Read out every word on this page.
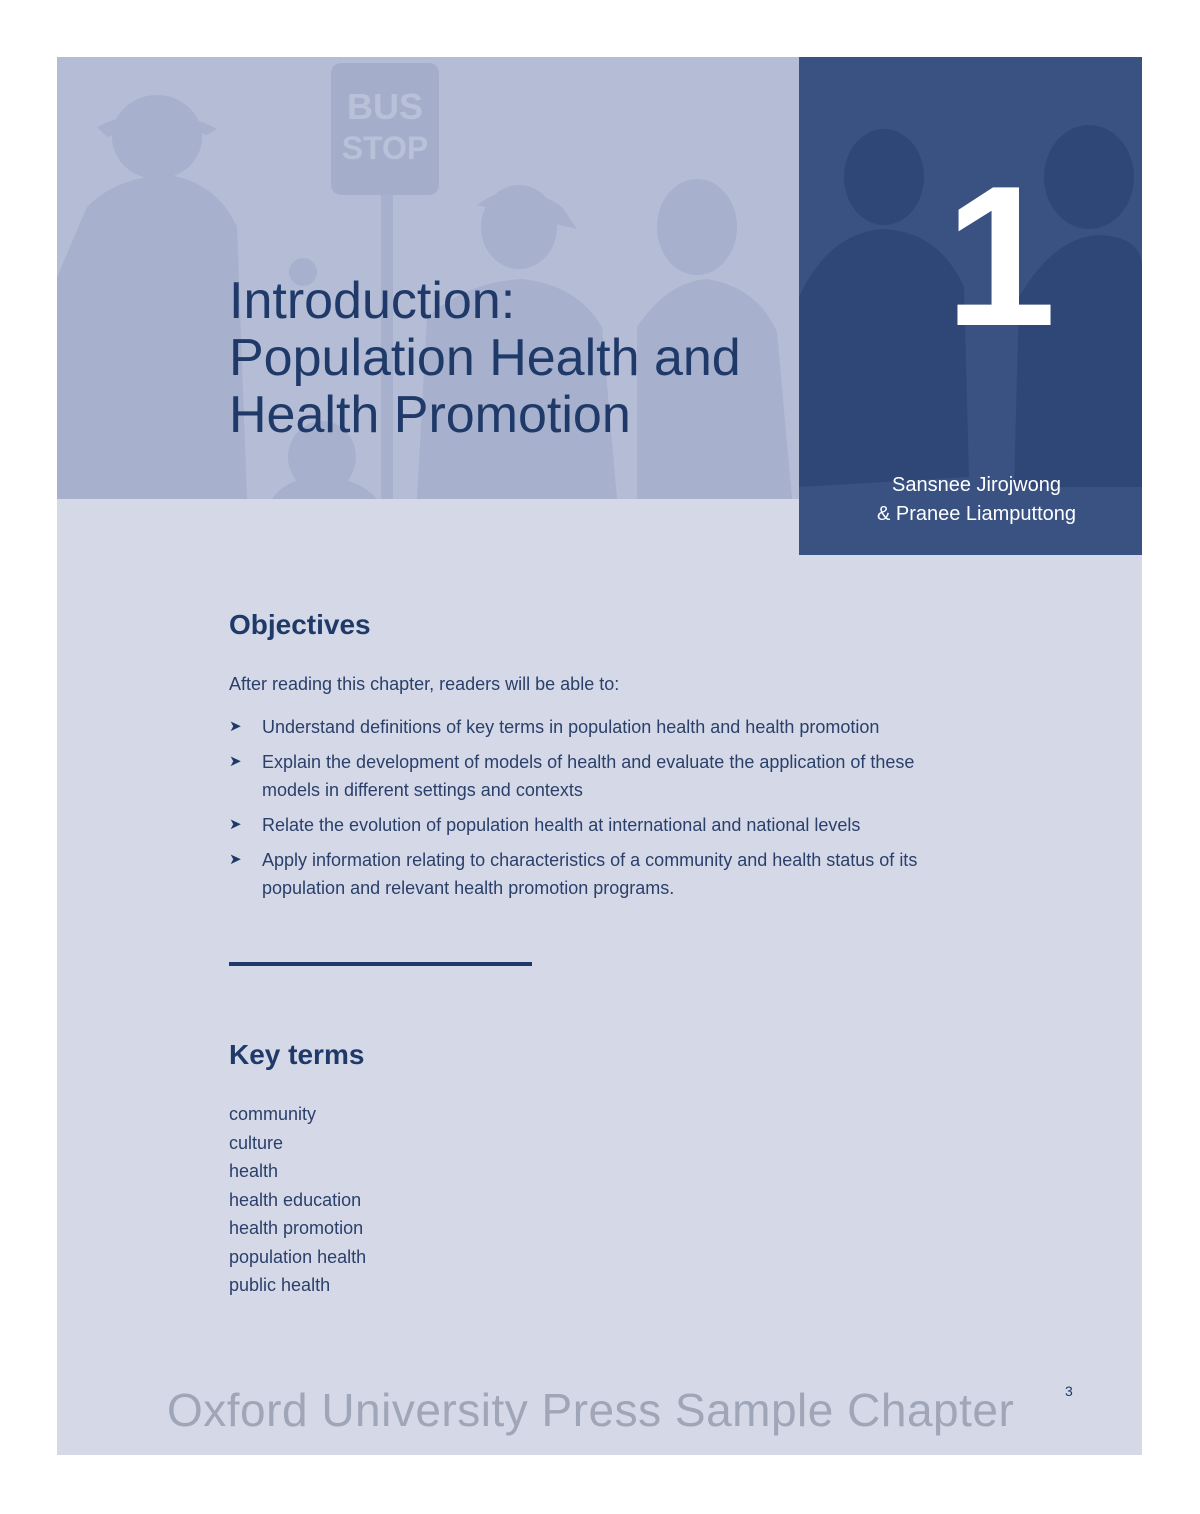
BUS
STOP	1
Sansnee Jirojwong
& Pranee Liamputtong
Introduction:
Population Health and
Health Promotion
Objectives
After reading this chapter, readers will be able to:
➤ Understand definitions of key terms in population health and health promotion
➤ Explain the development of models of health and evaluate the application of these models in different settings and contexts
➤ Relate the evolution of population health at international and national levels
➤ Apply information relating to characteristics of a community and health status of its population and relevant health promotion programs.
Key terms
community
culture
health
health education
health promotion
population health
public health
Oxford University Press Sample Chapter	3
